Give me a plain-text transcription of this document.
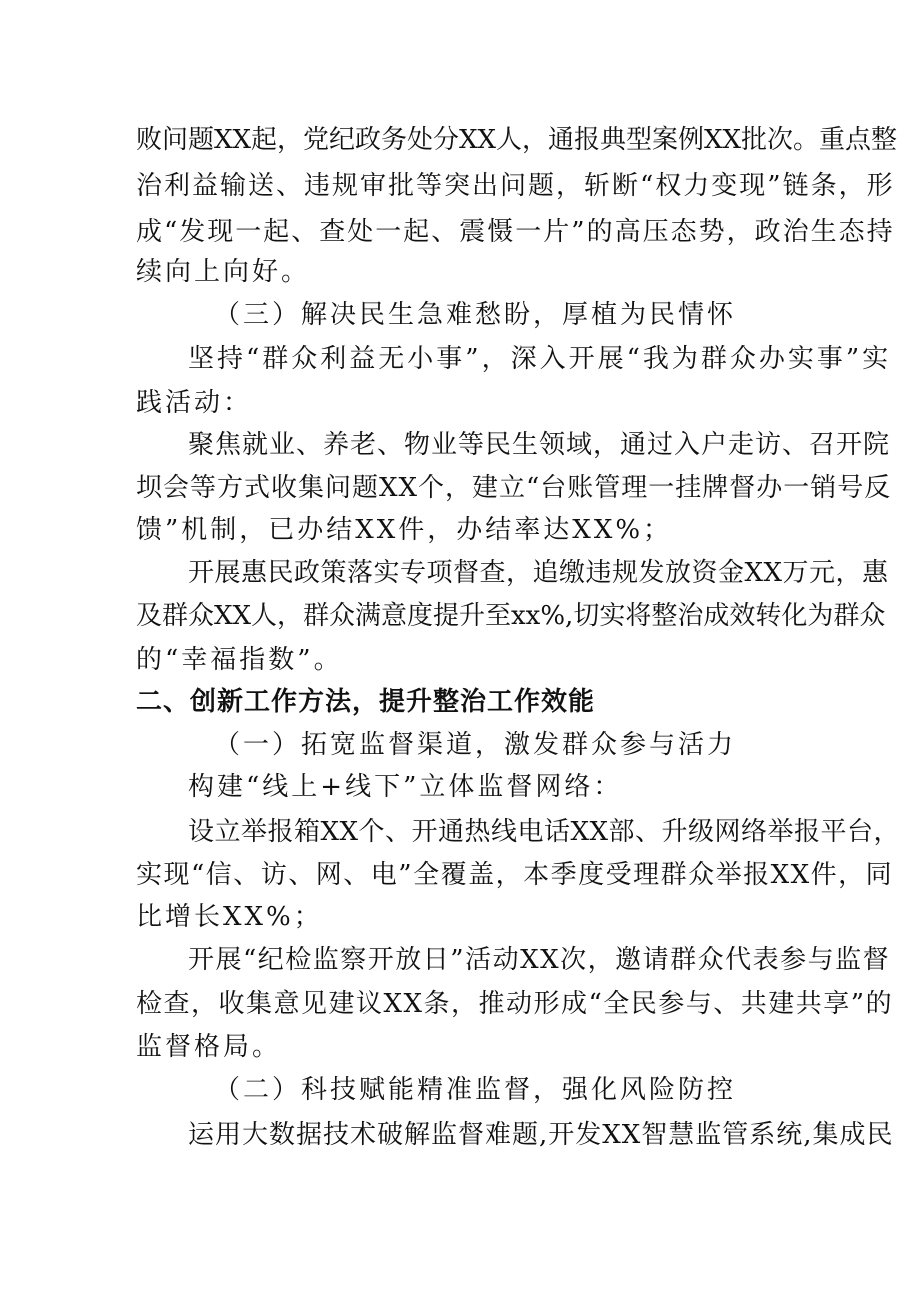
败问题XX起，党纪政务处分XX人，通报典型案例XX批次。重点整
治利益输送、违规审批等突出问题，斩断“权力变现”链条，形
成“发现一起、查处一起、震慑一片”的高压态势，政治生态持
续向上向好。
（三）解决民生急难愁盼，厚植为民情怀
坚持“群众利益无小事”，深入开展“我为群众办实事”实
践活动：
聚焦就业、养老、物业等民生领域，通过入户走访、召开院
坝会等方式收集问题XX个，建立“台账管理一挂牌督办一销号反
馈”机制，已办结XX件，办结率达XX%；
开展惠民政策落实专项督查，追缴违规发放资金XX万元，惠
及群众XX人，群众满意度提升至xx%,切实将整治成效转化为群众
的“幸福指数”。
二、创新工作方法，提升整治工作效能
（一）拓宽监督渠道，激发群众参与活力
构建“线上+线下”立体监督网络：
设立举报箱XX个、开通热线电话XX部、升级网络举报平台，
实现“信、访、网、电”全覆盖，本季度受理群众举报XX件，同
比增长XX%；
开展“纪检监察开放日”活动XX次，邀请群众代表参与监督
检查，收集意见建议XX条，推动形成“全民参与、共建共享”的
监督格局。
（二）科技赋能精准监督，强化风险防控
运用大数据技术破解监督难题,开发XX智慧监管系统,集成民
